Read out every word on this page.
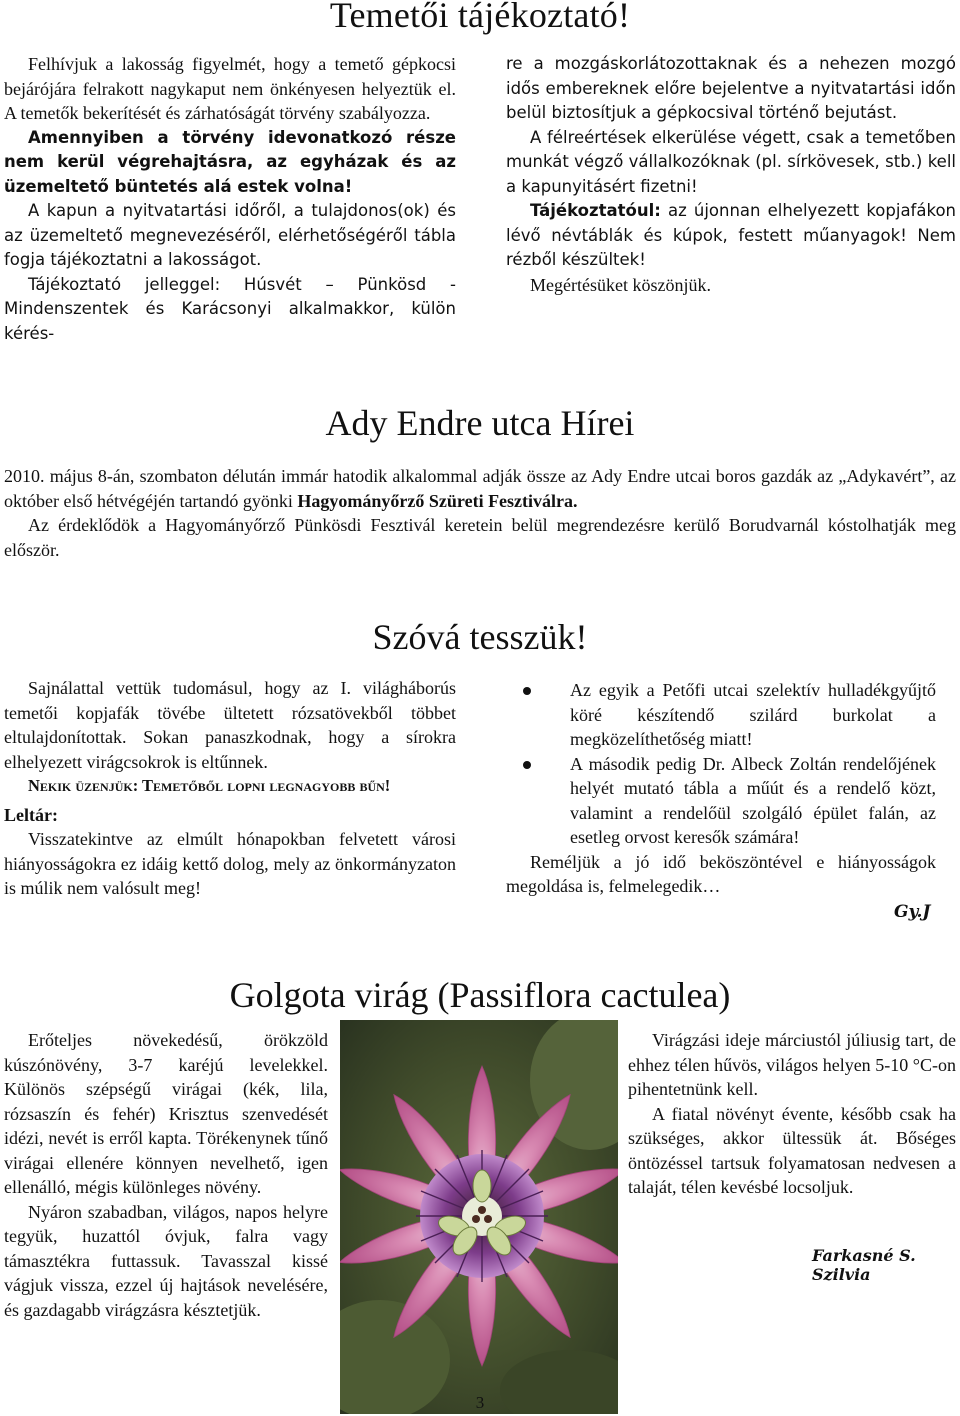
Temetői tájékoztató!

Felhívjuk a lakosság figyelmét, hogy a temető gépkocsi bejárójára felrakott nagykaput nem önkényesen helyeztük el. A temetők bekerítését és zárhatóságát törvény szabályozza.

Amennyiben a törvény idevonatkozó része nem kerül végrehajtásra, az egyházak és az üzemeltető büntetés alá estek volna!

A kapun a nyitvatartási időről, a tulajdonos(ok) és az üzemeltető megnevezéséről, elérhetőségéről tábla fogja tájékoztatni a lakosságot.

Tájékoztató jelleggel: Húsvét – Pünkösd - Mindenszentek és Karácsonyi alkalmakkor, külön kérés-

re a mozgáskorlátozottaknak és a nehezen mozgó idős embereknek előre bejelentve a nyitvatartási időn belül biztosítjuk a gépkocsival történő bejutást.

A félreértések elkerülése végett, csak a temetőben munkát végző vállalkozóknak (pl. sírkövesek, stb.) kell a kapunyitásért fizetni!

Tájékoztatóul: az újonnan elhelyezett kopjafákon lévő névtáblák és kúpok, festett műanyagok! Nem rézből készültek!

Megértésüket köszönjük.

Ady Endre utca Hírei

2010. május 8-án, szombaton délután immár hatodik alkalommal adják össze az Ady Endre utcai boros gazdák az „Adykavért”, az október első hétvégéjén tartandó gyönki Hagyományőrző Szüreti Fesztiválra.

Az érdeklődök a Hagyományőrző Pünkösdi Fesztivál keretein belül megrendezésre kerülő Borudvarnál kóstolhatják meg először.

Szóvá tesszük!

Sajnálattal vettük tudomásul, hogy az I. világháborús temetői kopjafák tövébe ültetett rózsatövekből többet eltulajdonítottak. Sokan panaszkodnak, hogy a sírokra elhelyezett virágcsokrok is eltűnnek.

Nekik üzenjük: Temetőből lopni legnagyobb bűn!

Leltár:

Visszatekintve az elmúlt hónapokban felvetett városi hiányosságokra ez idáig kettő dolog, mely az önkormányzaton is múlik nem valósult meg!

Az egyik a Petőfi utcai szelektív hulladékgyűjtő köré készítendő szilárd burkolat a megközelíthetőség miatt!
A második pedig Dr. Albeck Zoltán rendelőjének helyét mutató tábla a műút és a rendelő közt, valamint a rendelőül szolgáló épület falán, az esetleg orvost keresők számára!

Reméljük a jó idő beköszöntével e hiányosságok megoldása is, felmelegedik…

Gy.J
Golgota virág (Passiflora cactulea)

Erőteljes növekedésű, örökzöld kúszónövény, 3-7 karéjú levelekkel. Különös szépségű virágai (kék, lila, rózsaszín és fehér) Krisztus szenvedését idézi, nevét is erről kapta. Törékenynek tűnő virágai ellenére könnyen nevelhető, igen ellenálló, mégis különleges növény.

Nyáron szabadban, világos, napos helyre tegyük, huzattól óvjuk, falra vagy támasztékra futtassuk. Tavasszal kissé vágjuk vissza, ezzel új hajtások nevelésére, és gazdagabb virágzásra késztetjük.

Virágzási ideje márciustól júliusig tart, de ehhez télen hűvös, világos helyen 5-10 °C-on pihentetnünk kell.

A fiatal növényt évente, később csak ha szükséges, akkor ültessük át. Bőséges öntözéssel tartsuk folyamatosan nedvesen a talaját, télen kevésbé locsoljuk.

Farkasné S. Szilvia
3
